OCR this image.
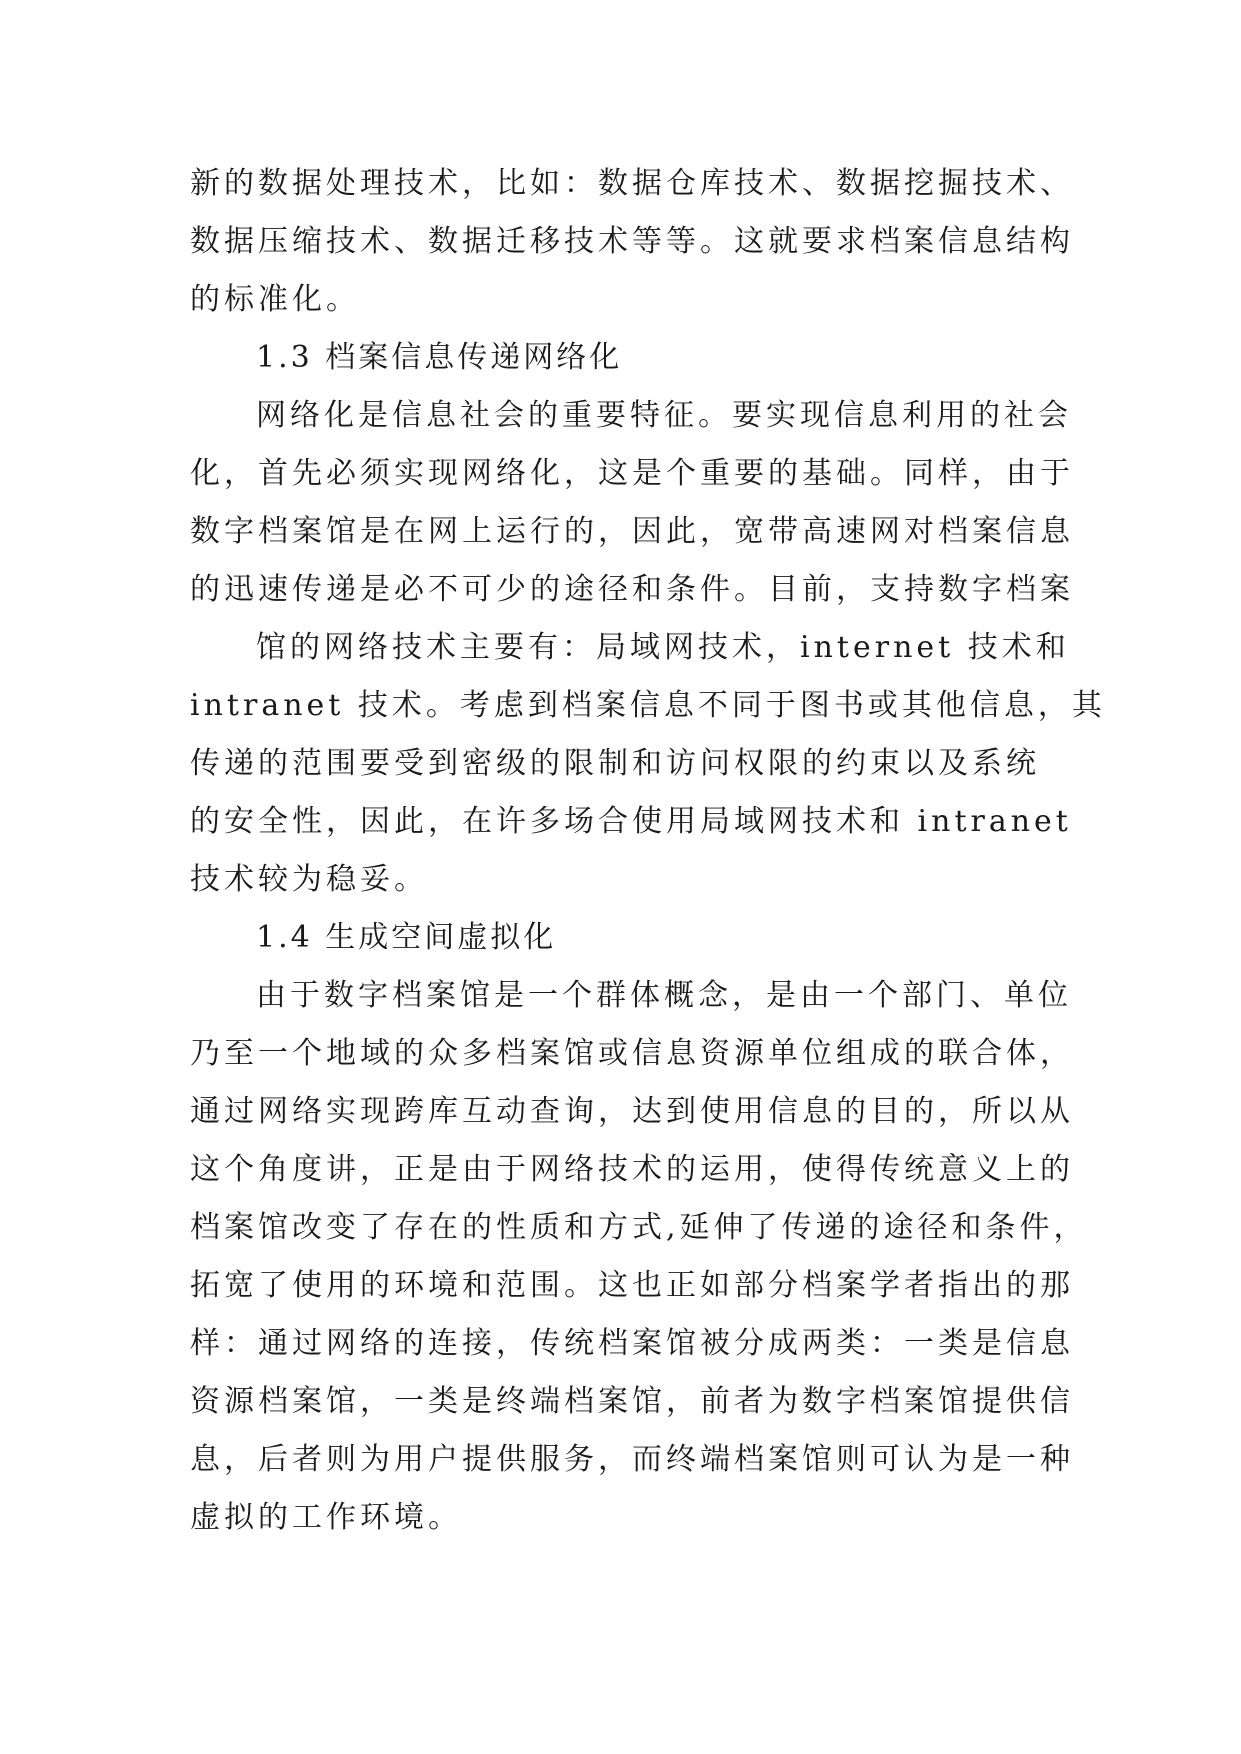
新的数据处理技术，比如：数据仓库技术、数据挖掘技术、
数据压缩技术、数据迁移技术等等。这就要求档案信息结构
的标准化。
1.3 档案信息传递网络化
网络化是信息社会的重要特征。要实现信息利用的社会
化，首先必须实现网络化，这是个重要的基础。同样，由于
数字档案馆是在网上运行的，因此，宽带高速网对档案信息
的迅速传递是必不可少的途径和条件。目前，支持数字档案
馆的网络技术主要有：局域网技术，internet 技术和
intranet 技术。考虑到档案信息不同于图书或其他信息，其
传递的范围要受到密级的限制和访问权限的约束以及系统
的安全性，因此，在许多场合使用局域网技术和 intranet
技术较为稳妥。
1.4 生成空间虚拟化
由于数字档案馆是一个群体概念，是由一个部门、单位
乃至一个地域的众多档案馆或信息资源单位组成的联合体，
通过网络实现跨库互动查询，达到使用信息的目的，所以从
这个角度讲，正是由于网络技术的运用，使得传统意义上的
档案馆改变了存在的性质和方式,延伸了传递的途径和条件，
拓宽了使用的环境和范围。这也正如部分档案学者指出的那
样：通过网络的连接，传统档案馆被分成两类：一类是信息
资源档案馆，一类是终端档案馆，前者为数字档案馆提供信
息，后者则为用户提供服务，而终端档案馆则可认为是一种
虚拟的工作环境。
